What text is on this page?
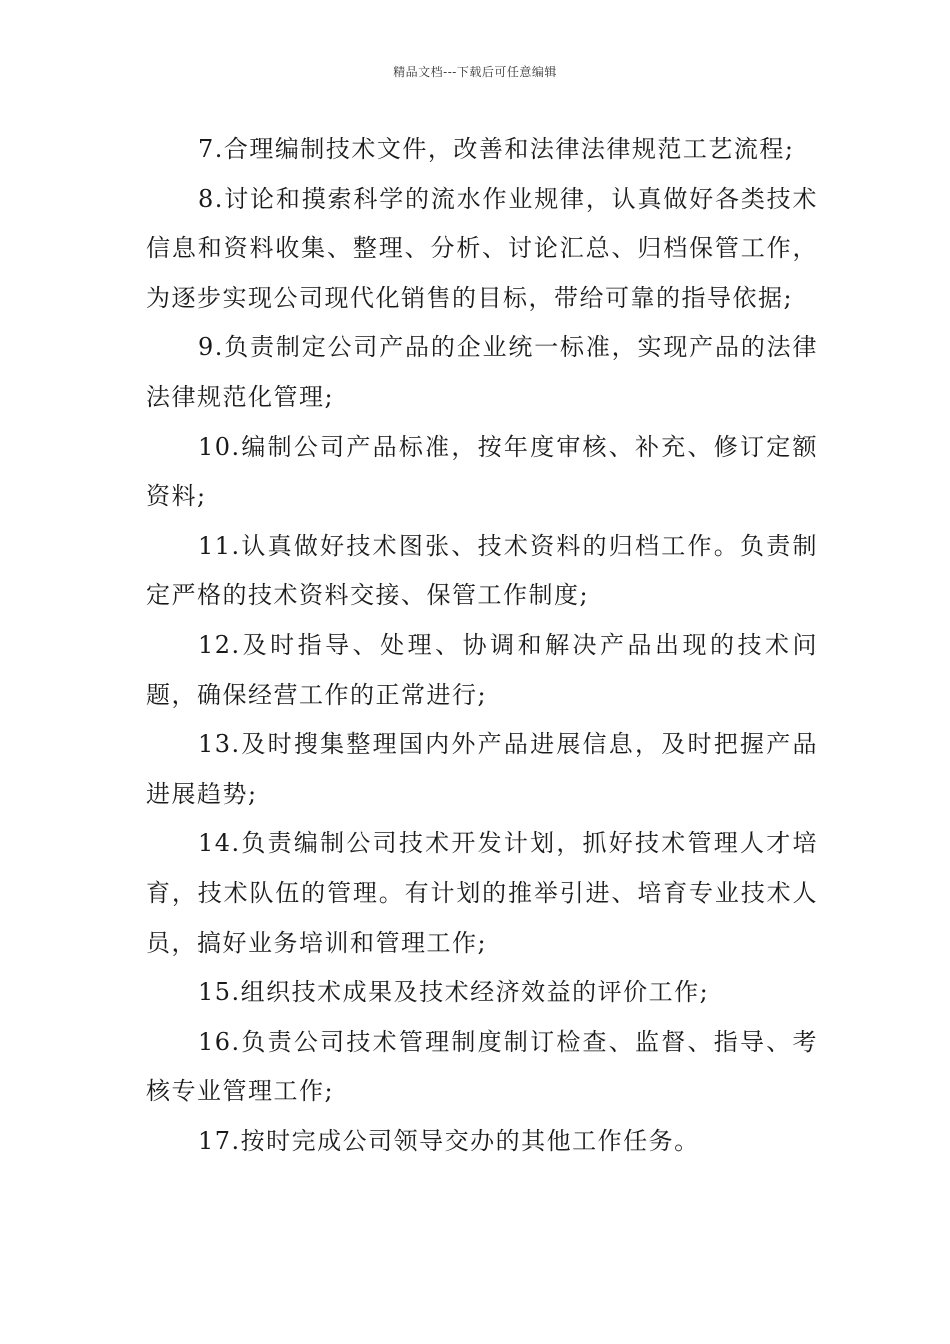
精品文档---下载后可任意编辑

7.合理编制技术文件，改善和法律法律规范工艺流程;

8.讨论和摸索科学的流水作业规律，认真做好各类技术信息和资料收集、整理、分析、讨论汇总、归档保管工作，为逐步实现公司现代化销售的目标，带给可靠的指导依据;

9.负责制定公司产品的企业统一标准，实现产品的法律法律规范化管理;

10.编制公司产品标准，按年度审核、补充、修订定额资料;

11.认真做好技术图张、技术资料的归档工作。负责制定严格的技术资料交接、保管工作制度;

12.及时指导、处理、协调和解决产品出现的技术问题，确保经营工作的正常进行;

13.及时搜集整理国内外产品进展信息，及时把握产品进展趋势;

14.负责编制公司技术开发计划，抓好技术管理人才培育，技术队伍的管理。有计划的推举引进、培育专业技术人员，搞好业务培训和管理工作;

15.组织技术成果及技术经济效益的评价工作;

16.负责公司技术管理制度制订检查、监督、指导、考核专业管理工作;

17.按时完成公司领导交办的其他工作任务。
